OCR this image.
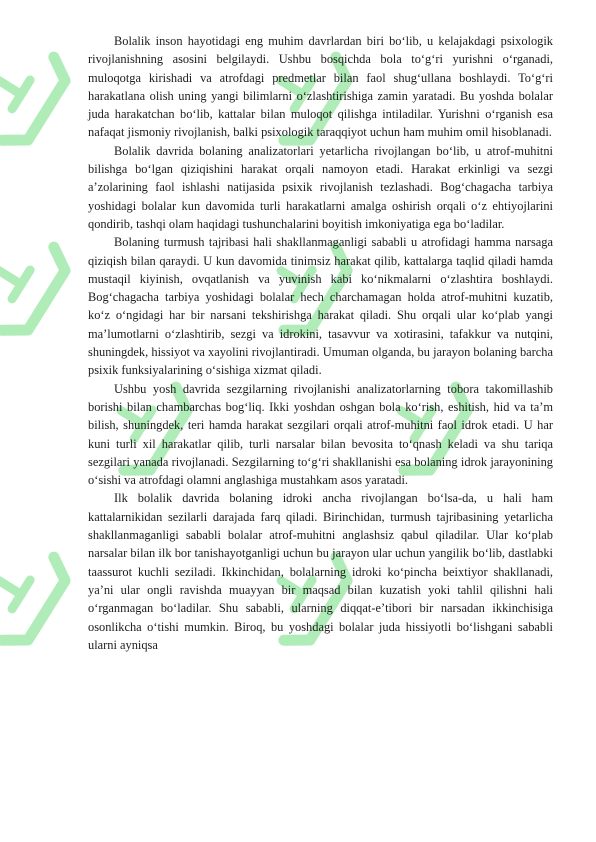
Bolalik inson hayotidagi eng muhim davrlardan biri boʻlib, u kelajakdagi psixologik rivojlanishning asosini belgilaydi. Ushbu bosqichda bola toʻgʻri yurishni oʻrganadi, muloqotga kirishadi va atrofdagi predmetlar bilan faol shugʻullana boshlaydi. Toʻgʻri harakatlana olish uning yangi bilimlarni oʻzlashtirishiga zamin yaratadi. Bu yoshda bolalar juda harakatchan boʻlib, kattalar bilan muloqot qilishga intiladilar. Yurishni oʻrganish esa nafaqat jismoniy rivojlanish, balki psixologik taraqqiyot uchun ham muhim omil hisoblanadi.

Bolalik davrida bolaning analizatorlari yetarlicha rivojlangan boʻlib, u atrof-muhitni bilishga boʻlgan qiziqishini harakat orqali namoyon etadi. Harakat erkinligi va sezgi aʼzolarining faol ishlashi natijasida psixik rivojlanish tezlashadi. Bogʻchagacha tarbiya yoshidagi bolalar kun davomida turli harakatlarni amalga oshirish orqali oʻz ehtiyojlarini qondirib, tashqi olam haqidagi tushunchalarini boyitish imkoniyatiga ega boʻladilar.

Bolaning turmush tajribasi hali shakllanmaganligi sababli u atrofidagi hamma narsaga qiziqish bilan qaraydi. U kun davomida tinimsiz harakat qilib, kattalarga taqlid qiladi hamda mustaqil kiyinish, ovqatlanish va yuvinish kabi koʻnikmalarni oʻzlashtira boshlaydi. Bogʻchagacha tarbiya yoshidagi bolalar hech charchamagan holda atrof-muhitni kuzatib, koʻz oʻngidagi har bir narsani tekshirishga harakat qiladi. Shu orqali ular koʻplab yangi maʼlumotlarni oʻzlashtirib, sezgi va idrokini, tasavvur va xotirasini, tafakkur va nutqini, shuningdek, hissiyot va xayolini rivojlantiradi. Umuman olganda, bu jarayon bolaning barcha psixik funksiyalarining oʻsishiga xizmat qiladi.

Ushbu yosh davrida sezgilarning rivojlanishi analizatorlarning tobora takomillashib borishi bilan chambarchas bogʻliq. Ikki yoshdan oshgan bola koʻrish, eshitish, hid va taʼm bilish, shuningdek, teri hamda harakat sezgilari orqali atrof-muhitni faol idrok etadi. U har kuni turli xil harakatlar qilib, turli narsalar bilan bevosita toʻqnash keladi va shu tariqa sezgilari yanada rivojlanadi. Sezgilarning toʻgʻri shakllanishi esa bolaning idrok jarayonining oʻsishi va atrofdagi olamni anglashiga mustahkam asos yaratadi.

Ilk bolalik davrida bolaning idroki ancha rivojlangan boʻlsa-da, u hali ham kattalarnikidan sezilarli darajada farq qiladi. Birinchidan, turmush tajribasining yetarlicha shakllanmaganligi sababli bolalar atrof-muhitni anglashsiz qabul qiladilar. Ular koʻplab narsalar bilan ilk bor tanishayotganligi uchun bu jarayon ular uchun yangilik boʻlib, dastlabki taassurot kuchli seziladi. Ikkinchidan, bolalarning idroki koʻpincha beixtiyor shakllanadi, yaʼni ular ongli ravishda muayyan bir maqsad bilan kuzatish yoki tahlil qilishni hali oʻrganmagan boʻladilar. Shu sababli, ularning diqqat-eʼtibori bir narsadan ikkinchisiga osonlikcha oʻtishi mumkin. Biroq, bu yoshdagi bolalar juda hissiyotli boʻlishgani sababli ularni ayniqsa
